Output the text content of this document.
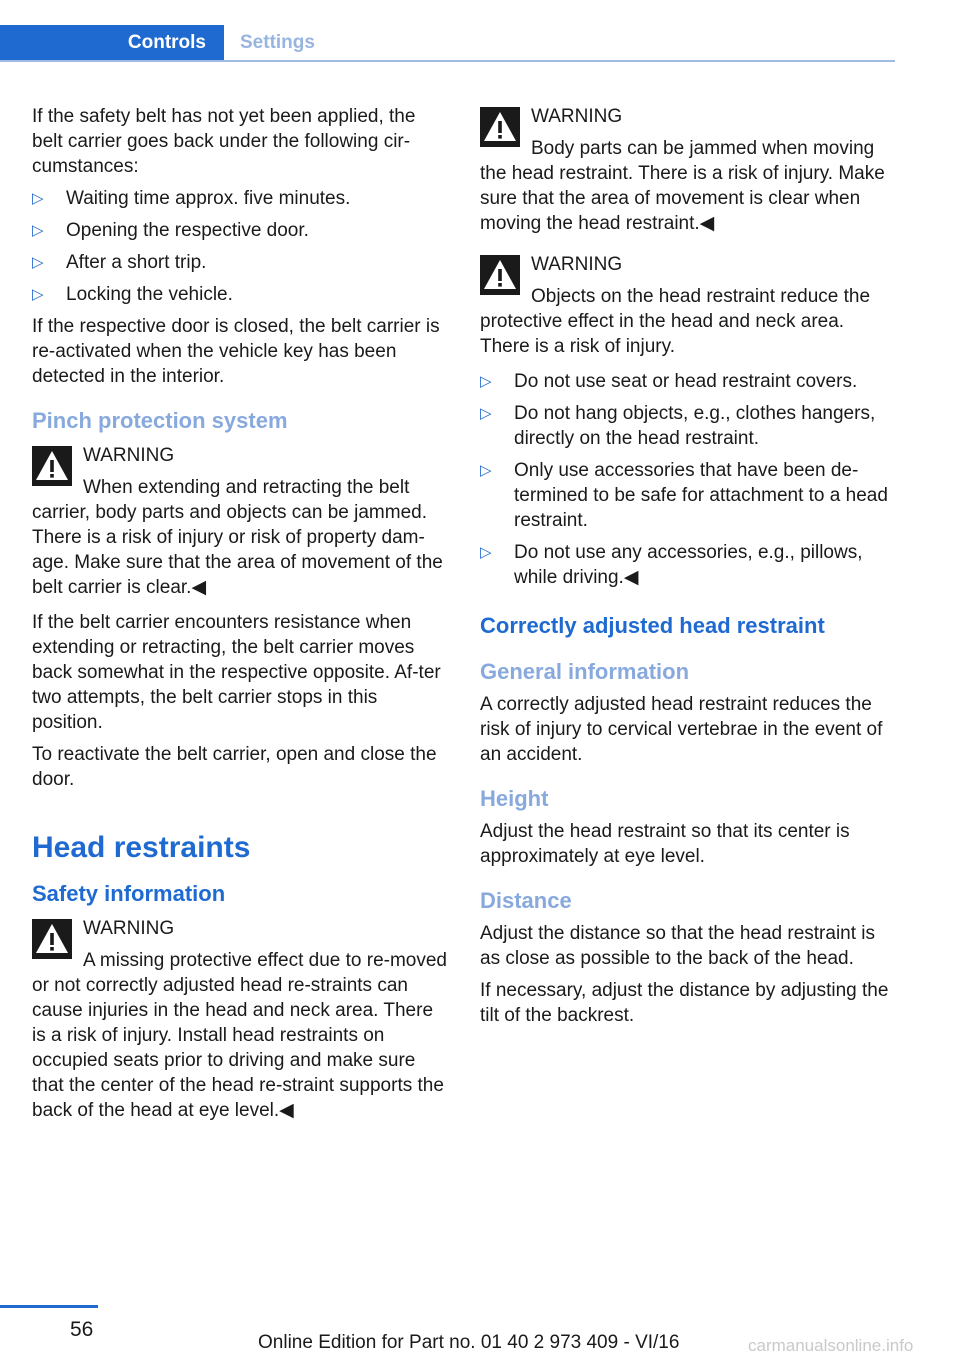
Controls Settings

If the safety belt has not yet been applied, the belt carrier goes back under the following cir-cumstances:

▷ Waiting time approx. five minutes.
▷ Opening the respective door.
▷ After a short trip.
▷ Locking the vehicle.

If the respective door is closed, the belt carrier is re-activated when the vehicle key has been detected in the interior.

Pinch protection system
WARNING
When extending and retracting the belt carrier, body parts and objects can be jammed. There is a risk of injury or risk of property dam-age. Make sure that the area of movement of the belt carrier is clear.◀

If the belt carrier encounters resistance when extending or retracting, the belt carrier moves back somewhat in the respective opposite. Af-ter two attempts, the belt carrier stops in this position.

To reactivate the belt carrier, open and close the door.

Head restraints
Safety information
WARNING
A missing protective effect due to re-moved or not correctly adjusted head re-straints can cause injuries in the head and neck area. There is a risk of injury. Install head restraints on occupied seats prior to driving and make sure that the center of the head re-straint supports the back of the head at eye level.◀
WARNING
Body parts can be jammed when moving the head restraint. There is a risk of injury. Make sure that the area of movement is clear when moving the head restraint.◀
WARNING
Objects on the head restraint reduce the protective effect in the head and neck area. There is a risk of injury.
▷ Do not use seat or head restraint covers.
▷ Do not hang objects, e.g., clothes hangers, directly on the head restraint.
▷ Only use accessories that have been de-termined to be safe for attachment to a head restraint.
▷ Do not use any accessories, e.g., pillows, while driving.◀
Correctly adjusted head restraint
General information

A correctly adjusted head restraint reduces the risk of injury to cervical vertebrae in the event of an accident.

Height

Adjust the head restraint so that its center is approximately at eye level.

Distance

Adjust the distance so that the head restraint is as close as possible to the back of the head.

If necessary, adjust the distance by adjusting the tilt of the backrest.

56
Online Edition for Part no. 01 40 2 973 409 - VI/16	carmanualsonline.info
